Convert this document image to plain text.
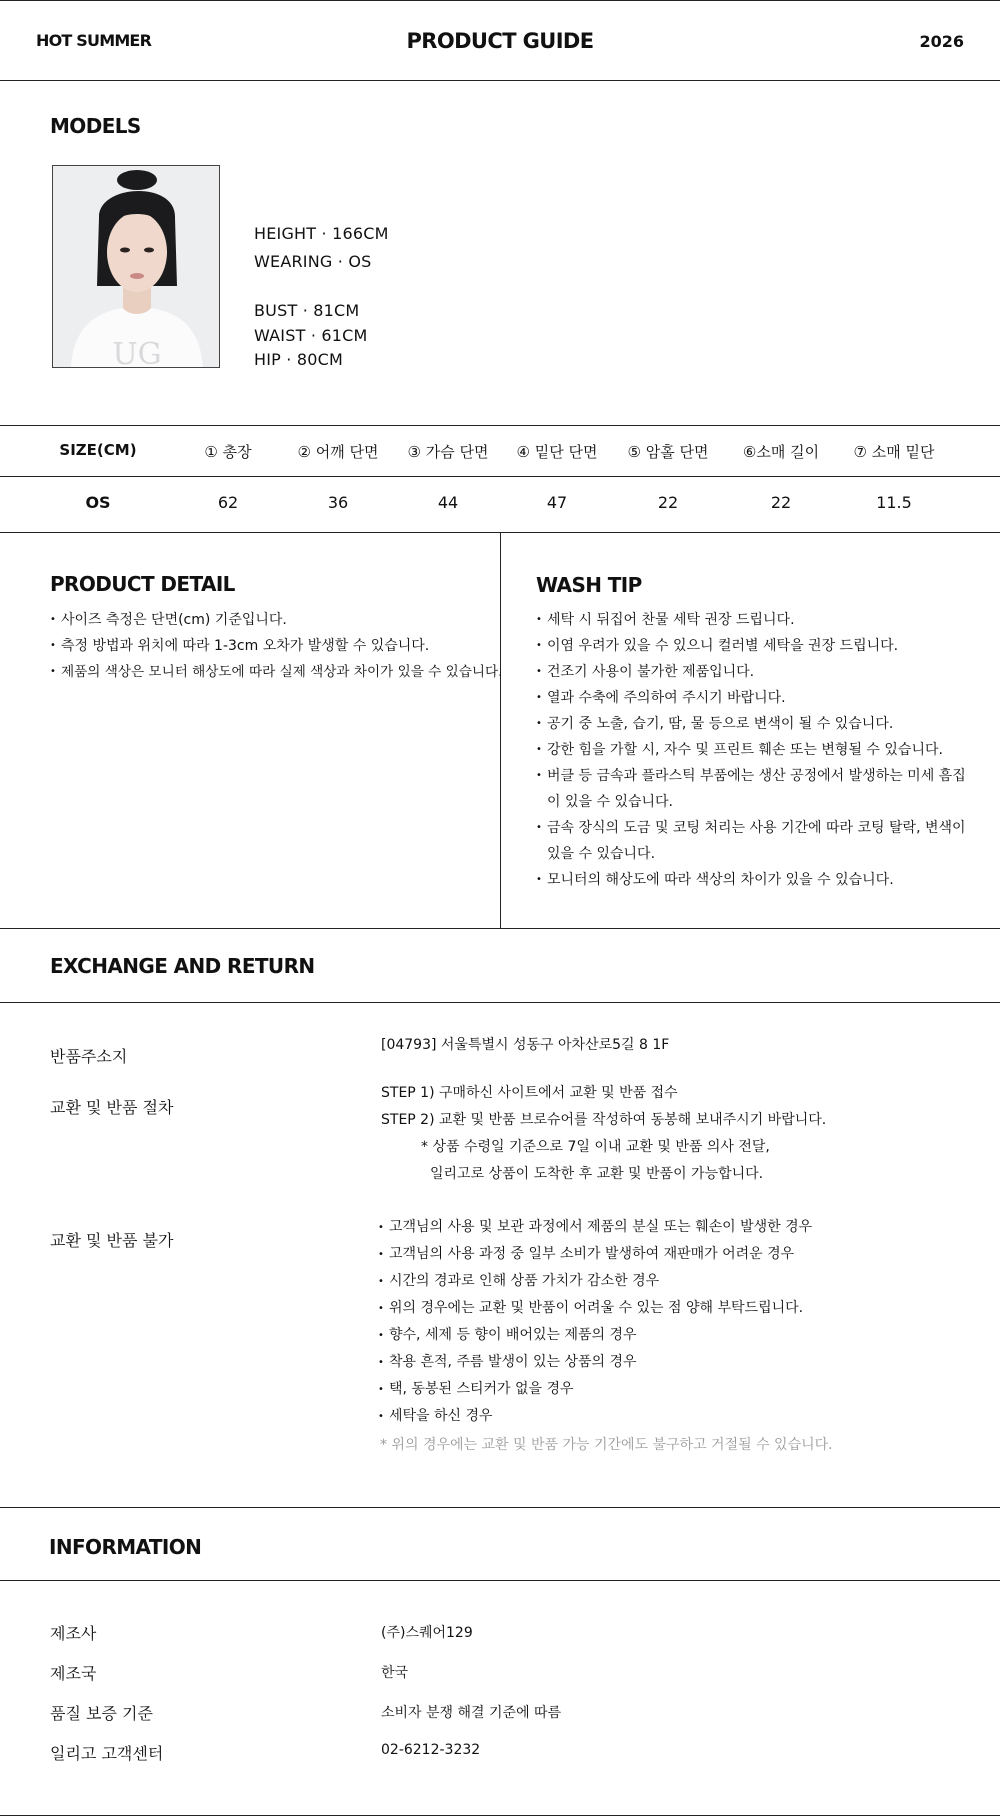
HOT SUMMER	PRODUCT GUIDE	2026
MODELS
UG
HEIGHT · 166CM
WEARING · OS
BUST · 81CM
WAIST · 61CM
HIP · 80CM
SIZE(CM)	① 총장	② 어깨 단면	③ 가슴 단면	④ 밑단 단면	⑤ 암홀 단면	⑥소매 길이	⑦ 소매 밑단
OS	62	36	44	47	22	22	11.5
PRODUCT DETAIL
• 사이즈 측정은 단면(cm) 기준입니다.
• 측정 방법과 위치에 따라 1-3cm 오차가 발생할 수 있습니다.
• 제품의 색상은 모니터 해상도에 따라 실제 색상과 차이가 있을 수 있습니다.
WASH TIP
• 세탁 시 뒤집어 찬물 세탁 권장 드립니다.
• 이염 우려가 있을 수 있으니 컬러별 세탁을 권장 드립니다.
• 건조기 사용이 불가한 제품입니다.
• 열과 수축에 주의하여 주시기 바랍니다.
• 공기 중 노출, 습기, 땀, 물 등으로 변색이 될 수 있습니다.
• 강한 힘을 가할 시, 자수 및 프린트 훼손 또는 변형될 수 있습니다.
• 버클 등 금속과 플라스틱 부품에는 생산 공정에서 발생하는 미세 흠집이 있을 수 있습니다.
• 금속 장식의 도금 및 코팅 처리는 사용 기간에 따라 코팅 탈락, 변색이 있을 수 있습니다.
• 모니터의 해상도에 따라 색상의 차이가 있을 수 있습니다.
EXCHANGE AND RETURN
반품주소지
[04793] 서울특별시 성동구 아차산로5길 8 1F
교환 및 반품 절차
STEP 1) 구매하신 사이트에서 교환 및 반품 접수
STEP 2) 교환 및 반품 브로슈어를 작성하여 동봉해 보내주시기 바랍니다.
* 상품 수령일 기준으로 7일 이내 교환 및 반품 의사 전달,
일리고로 상품이 도착한 후 교환 및 반품이 가능합니다.
교환 및 반품 불가
• 고객님의 사용 및 보관 과정에서 제품의 분실 또는 훼손이 발생한 경우
• 고객님의 사용 과정 중 일부 소비가 발생하여 재판매가 어려운 경우
• 시간의 경과로 인해 상품 가치가 감소한 경우
• 위의 경우에는 교환 및 반품이 어려울 수 있는 점 양해 부탁드립니다.
• 향수, 세제 등 향이 배어있는 제품의 경우
• 착용 흔적, 주름 발생이 있는 상품의 경우
• 택, 동봉된 스티커가 없을 경우
• 세탁을 하신 경우
* 위의 경우에는 교환 및 반품 가능 기간에도 불구하고 거절될 수 있습니다.
INFORMATION
제조사	(주)스퀘어129
제조국	한국
품질 보증 기준	소비자 분쟁 해결 기준에 따름
일리고 고객센터	02-6212-3232
